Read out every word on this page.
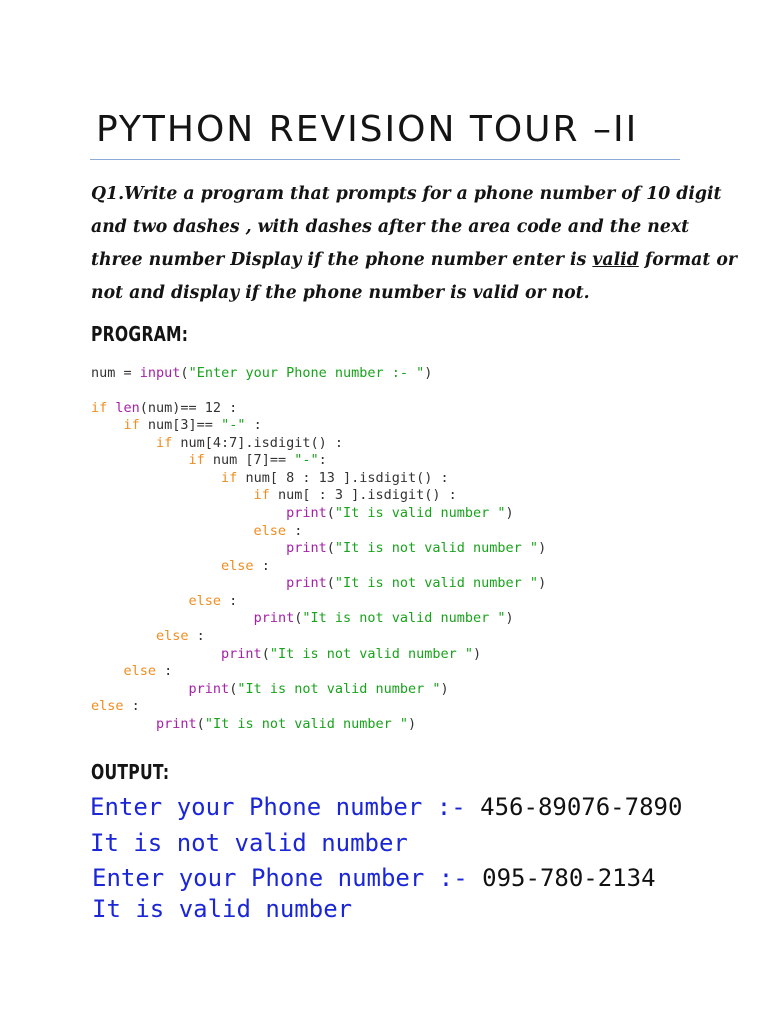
PYTHON REVISION TOUR –II
Q1.Write a program that prompts for a phone number of 10 digit
and two dashes , with dashes after the area code and the next
three number Display if the phone number enter is valid format or
not and display if the phone number is valid or not.
PROGRAM:
num = input("Enter your Phone number :- ")
if len(num)== 12 :
if num[3]== "-" :
if num[4:7].isdigit() :
if num [7]== "-":
if num[ 8 : 13 ].isdigit() :
if num[ : 3 ].isdigit() :
print("It is valid number ")
else :
print("It is not valid number ")
else :
print("It is not valid number ")
else :
print("It is not valid number ")
else :
print("It is not valid number ")
else :
print("It is not valid number ")
else :
print("It is not valid number ")
OUTPUT:
Enter your Phone number :- 456-89076-7890
It is not valid number
Enter your Phone number :- 095-780-2134
It is valid number
